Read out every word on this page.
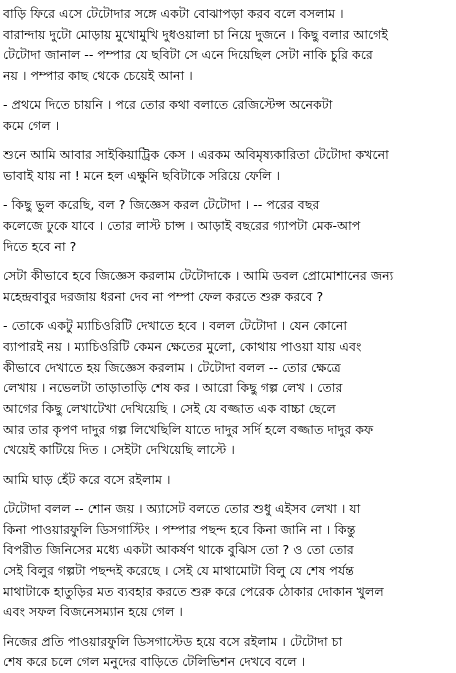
বাড়ি ফিরে এসে টেটোদার সঙ্গে একটা বোঝাপড়া করব বলে বসলাম ।
বারান্দায় দুটো মোড়ায় মুখোমুখি দুধওয়ালা চা নিয়ে দুজনে । কিছু বলার আগেই
টেটোদা জানাল -- পম্পার যে ছবিটা সে এনে দিয়েছিল সেটা নাকি চুরি করে
নয় । পম্পার কাছ থেকে চেয়েই আনা ।
- প্রথমে দিতে চায়নি । পরে তোর কথা বলাতে রেজিস্টেন্স অনেকটা
কমে গেল ।
শুনে আমি আবার সাইকিয়াট্রিক কেস । এরকম অবিমৃষ্যকারিতা টেটোদা কখনো
ভাবাই যায় না ! মনে হল এক্ষুনি ছবিটাকে সরিয়ে ফেলি ।
- কিছু ভুল করেছি, বল ? জিজ্ঞেস করল টেটোদা । -- পরের বছর
কলেজে ঢুকে যাবে । তোর লাস্ট চান্স । আড়াই বছরের গ্যাপটা মেক-আপ
দিতে হবে না ?
সেটা কীভাবে হবে জিজ্ঞেস করলাম টেটোদাকে । আমি ডবল প্রোমোশানের জন্য
মহেন্দ্রবাবুর দরজায় ধরনা দেব না পম্পা ফেল করতে শুরু করবে ?
- তোকে একটু ম্যাচিওরিটি দেখাতে হবে । বলল টেটোদা । যেন কোনো
ব্যাপারই নয় । ম্যাচিওরিটি কেমন ক্ষেতের মুলো, কোথায় পাওয়া যায় এবং
কীভাবে দেখাতে হয় জিজ্ঞেস করলাম । টেটোদা বলল -- তোর ক্ষেত্রে
লেখায় । নভেলটা তাড়াতাড়ি শেষ কর । আরো কিছু গল্প লেখ । তোর
আগের কিছু লেখাটেখা দেখিয়েছি । সেই যে বজ্জাত এক বাচ্চা ছেলে
আর তার কৃপণ দাদুর গল্প লিখেছিলি যাতে দাদুর সর্দি হলে বজ্জাত দাদুর কফ
খেয়েই কাটিয়ে দিত । সেইটা দেখিয়েছি লাস্টে ।
আমি ঘাড় হেঁট করে বসে রইলাম ।
টেটোদা বলল -- শোন জয় । অ্যাসেট বলতে তোর শুধু এইসব লেখা । যা
কিনা পাওয়ারফুলি ডিসগাস্টিং । পম্পার পছন্দ হবে কিনা জানি না । কিন্তু
বিপরীত জিনিসের মধ্যে একটা আকর্ষণ থাকে বুঝিস তো ? ও তো তোর
সেই বিলুর গল্পটা পছন্দই করেছে । সেই যে মাথামোটা বিলু যে শেষ পর্যন্ত
মাথাটাকে হাতুড়ির মত ব্যবহার করতে শুরু করে পেরেক ঠোকার দোকান খুলল
এবং সফল বিজনেসম্যান হয়ে গেল ।
নিজের প্রতি পাওয়ারফুলি ডিসগাস্টেড হয়ে বসে রইলাম । টেটোদা চা
শেষ করে চলে গেল মনুদের বাড়িতে টেলিভিশন দেখবে বলে ।
